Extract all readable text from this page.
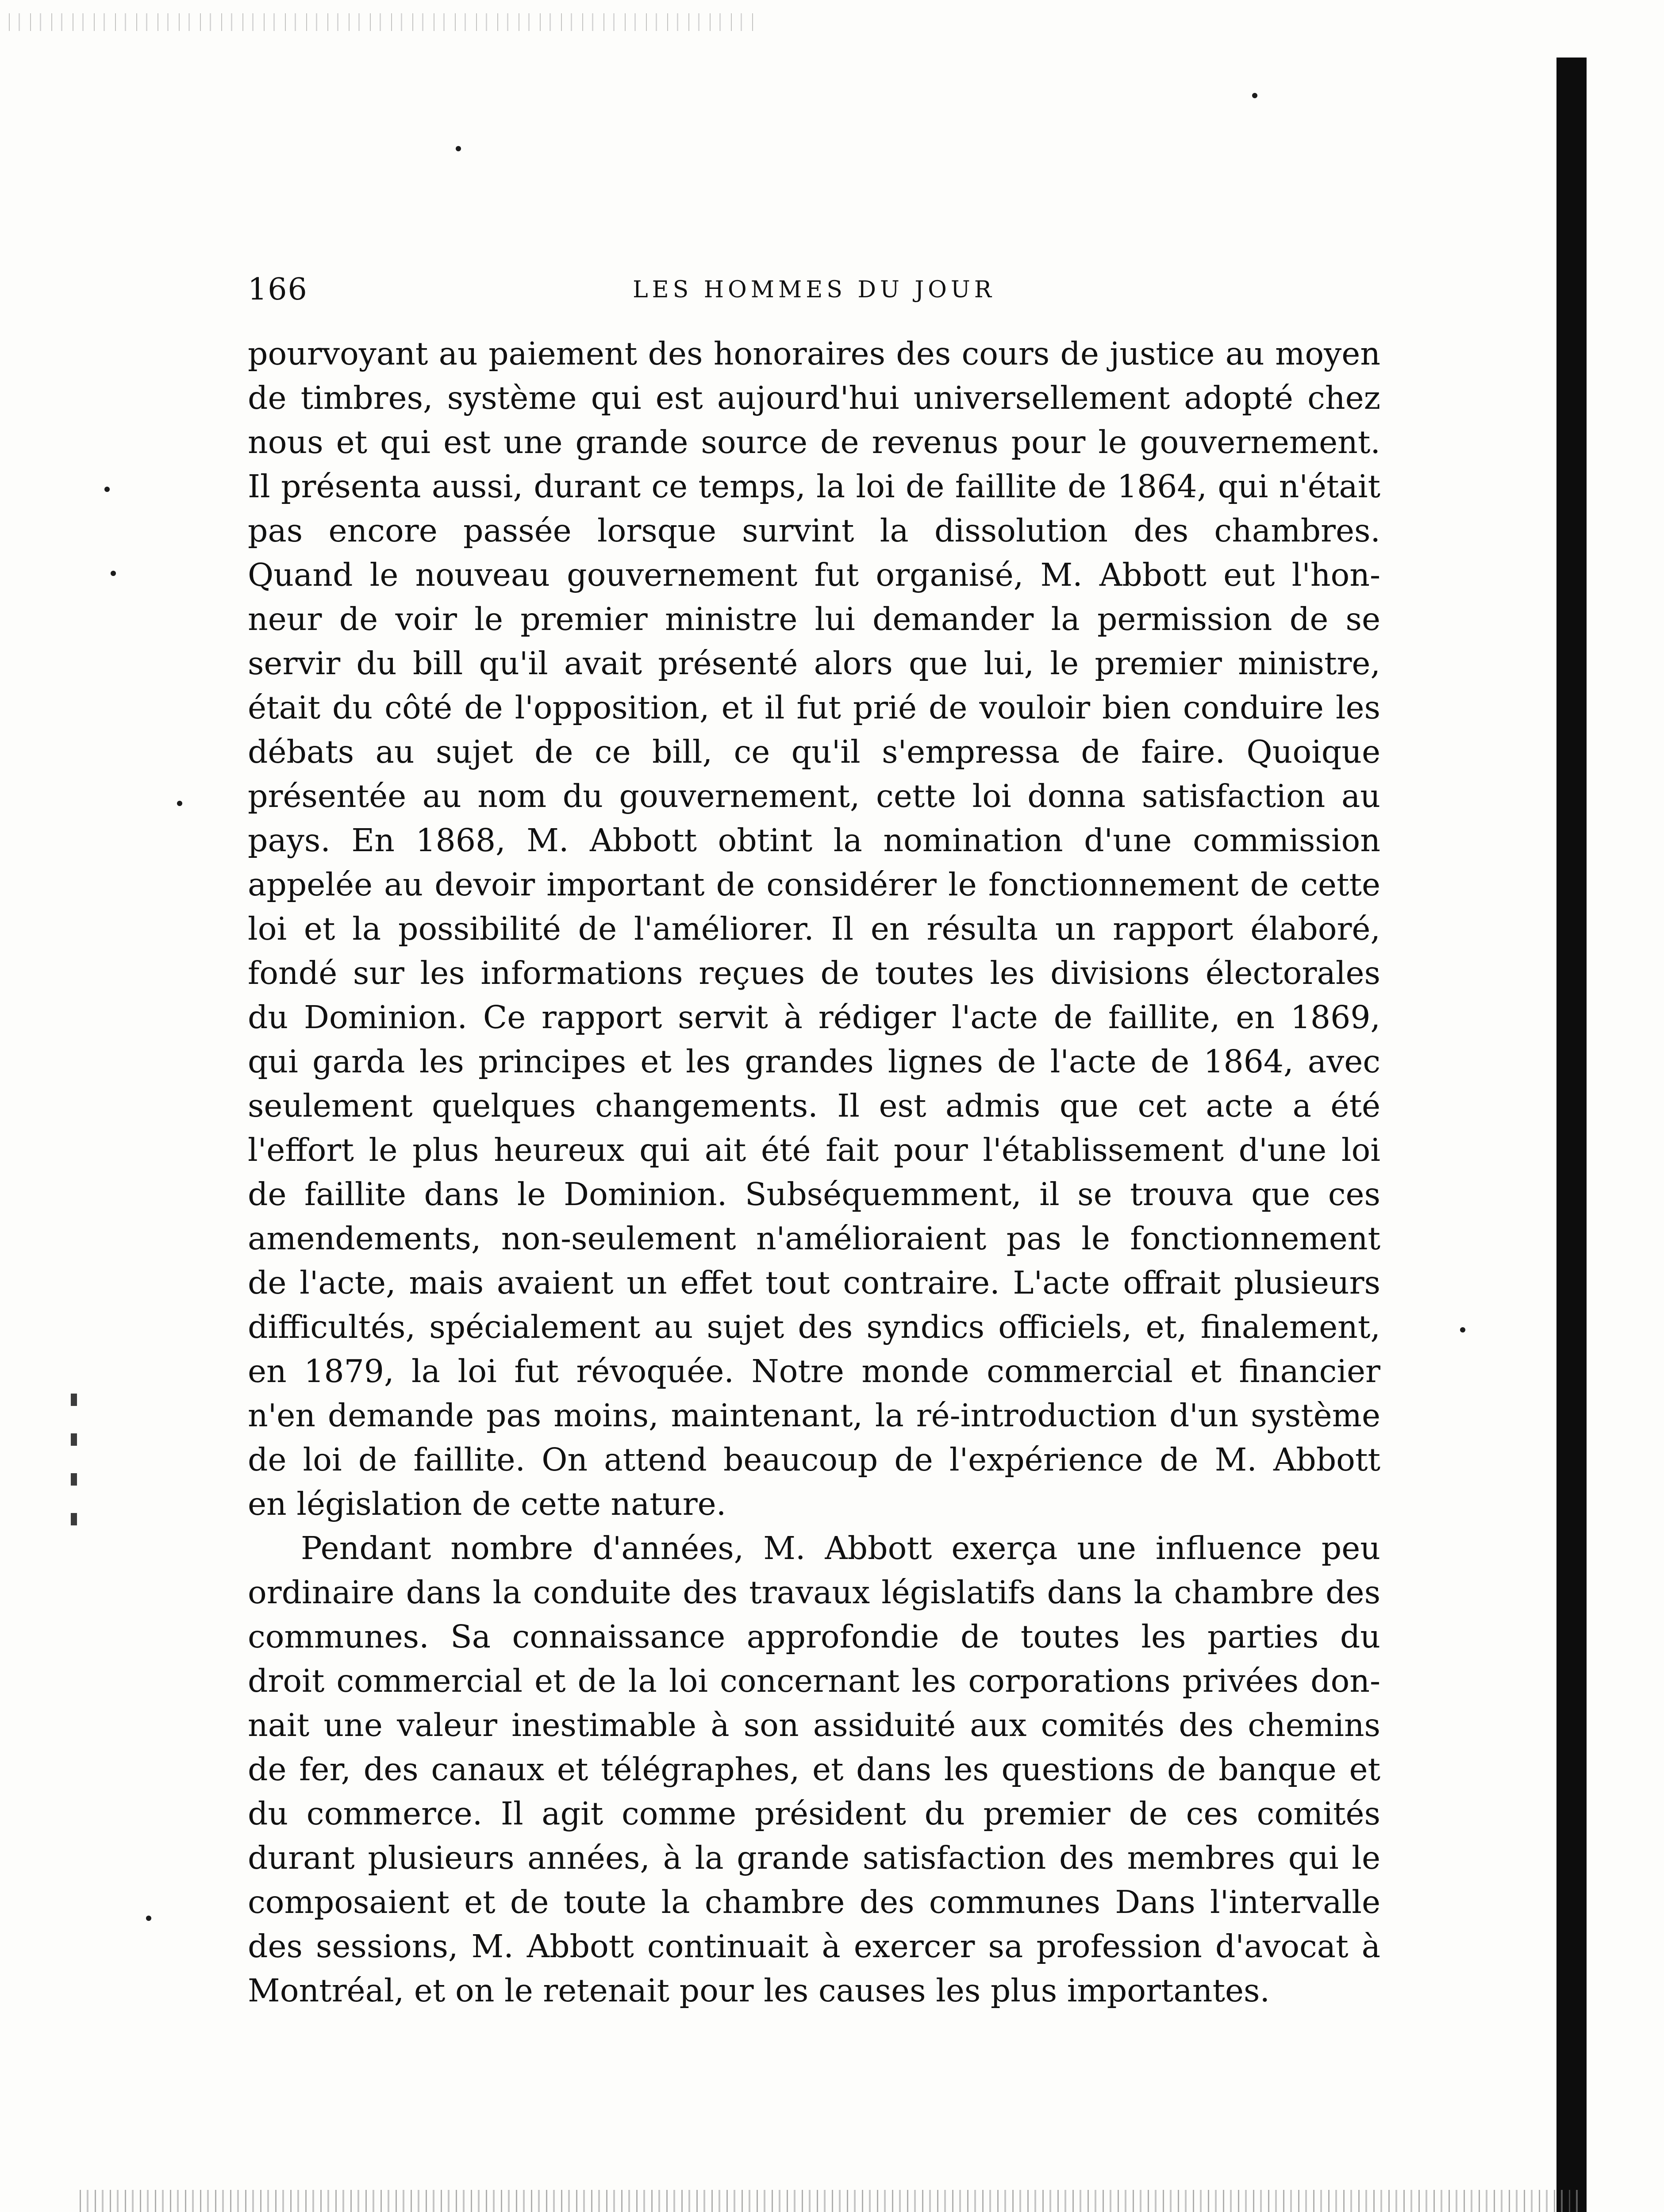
166	LES HOMMES DU JOUR
pourvoyant au paiement des honoraires des cours de justice au moyen
de timbres, système qui est aujourd'hui universellement adopté chez
nous et qui est une grande source de revenus pour le gouvernement.
Il présenta aussi, durant ce temps, la loi de faillite de 1864, qui n'était
pas encore passée lorsque survint la dissolution des chambres.
Quand le nouveau gouvernement fut organisé, M. Abbott eut l'hon-
neur de voir le premier ministre lui demander la permission de se
servir du bill qu'il avait présenté alors que lui, le premier ministre,
était du côté de l'opposition, et il fut prié de vouloir bien conduire les
débats au sujet de ce bill, ce qu'il s'empressa de faire. Quoique
présentée au nom du gouvernement, cette loi donna satisfaction au
pays. En 1868, M. Abbott obtint la nomination d'une commission
appelée au devoir important de considérer le fonctionnement de cette
loi et la possibilité de l'améliorer. Il en résulta un rapport élaboré,
fondé sur les informations reçues de toutes les divisions électorales
du Dominion. Ce rapport servit à rédiger l'acte de faillite, en 1869,
qui garda les principes et les grandes lignes de l'acte de 1864, avec
seulement quelques changements. Il est admis que cet acte a été
l'effort le plus heureux qui ait été fait pour l'établissement d'une loi
de faillite dans le Dominion. Subséquemment, il se trouva que ces
amendements, non-seulement n'amélioraient pas le fonctionnement
de l'acte, mais avaient un effet tout contraire. L'acte offrait plusieurs
difficultés, spécialement au sujet des syndics officiels, et, finalement,
en 1879, la loi fut révoquée. Notre monde commercial et financier
n'en demande pas moins, maintenant, la ré-introduction d'un système
de loi de faillite. On attend beaucoup de l'expérience de M. Abbott
en législation de cette nature.
Pendant nombre d'années, M. Abbott exerça une influence peu
ordinaire dans la conduite des travaux législatifs dans la chambre des
communes. Sa connaissance approfondie de toutes les parties du
droit commercial et de la loi concernant les corporations privées don-
nait une valeur inestimable à son assiduité aux comités des chemins
de fer, des canaux et télégraphes, et dans les questions de banque et
du commerce. Il agit comme président du premier de ces comités
durant plusieurs années, à la grande satisfaction des membres qui le
composaient et de toute la chambre des communes Dans l'intervalle
des sessions, M. Abbott continuait à exercer sa profession d'avocat à
Montréal, et on le retenait pour les causes les plus importantes.
